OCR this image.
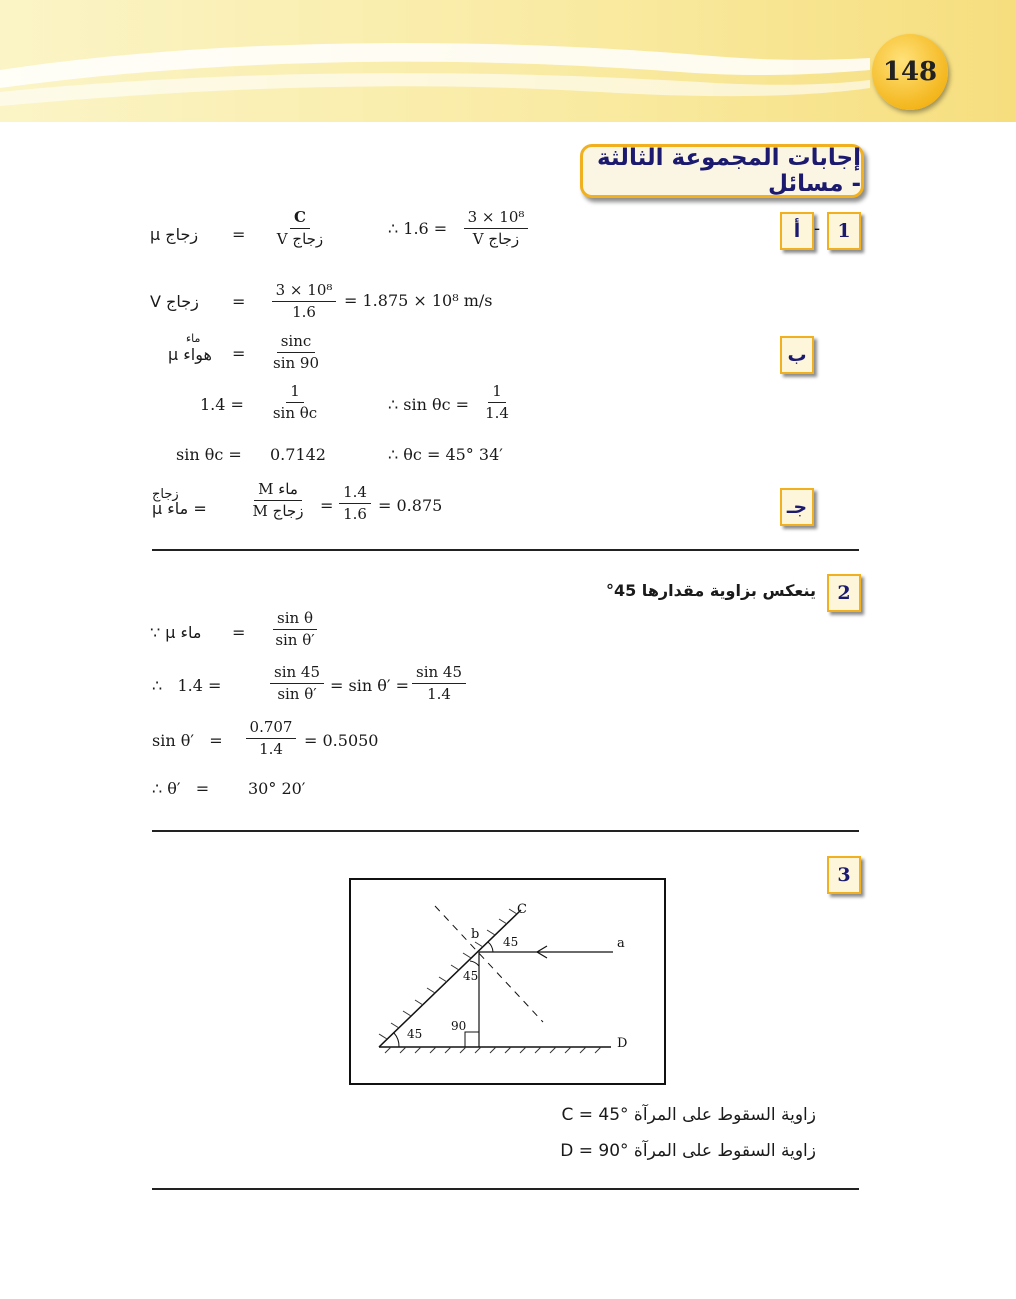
148
إجابات المجموعة الثالثة - مسائل
1
-
أ
μ زجاج =
C
V زجاج
∴ 1.6 =
3 × 10⁸
V زجاج
V زجاج = $\frac{\text{3 × 10⁸}}{1.6} = 1.875 \times 10^8$ m/s
ب
ماء
μ هواء = $\frac{\sin c}{\sin 90}$
$1.4 = \frac{1}{\text{sin θc}}$	∴ $\sin \theta c = \frac{1}{1.4}$
sin θc = 0.7142	∴ θc = 45° 34′
جـ
زجاج
μ ماء =
M ماء
M زجاج = $\frac{1.4}{1.6} = 0.875$
2
ينعكس بزاوية مقدارها 45°
∵ μ ماء = $\frac{\text{sin θ}}{\text{sin θ′}}$
∴   1.4 =	$\frac{\sin 45}{\text{sin θ′}} = \sin \theta' = \frac{\sin 45}{1.4}$
$\sin \theta' = \frac{0.707}{1.4} = 0.5050$
∴ θ′   = 30° 20′
3
C
b
a
D
45
45
45
90
زاوية السقوط على المرآة C = 45°
زاوية السقوط على المرآة D = 90°
